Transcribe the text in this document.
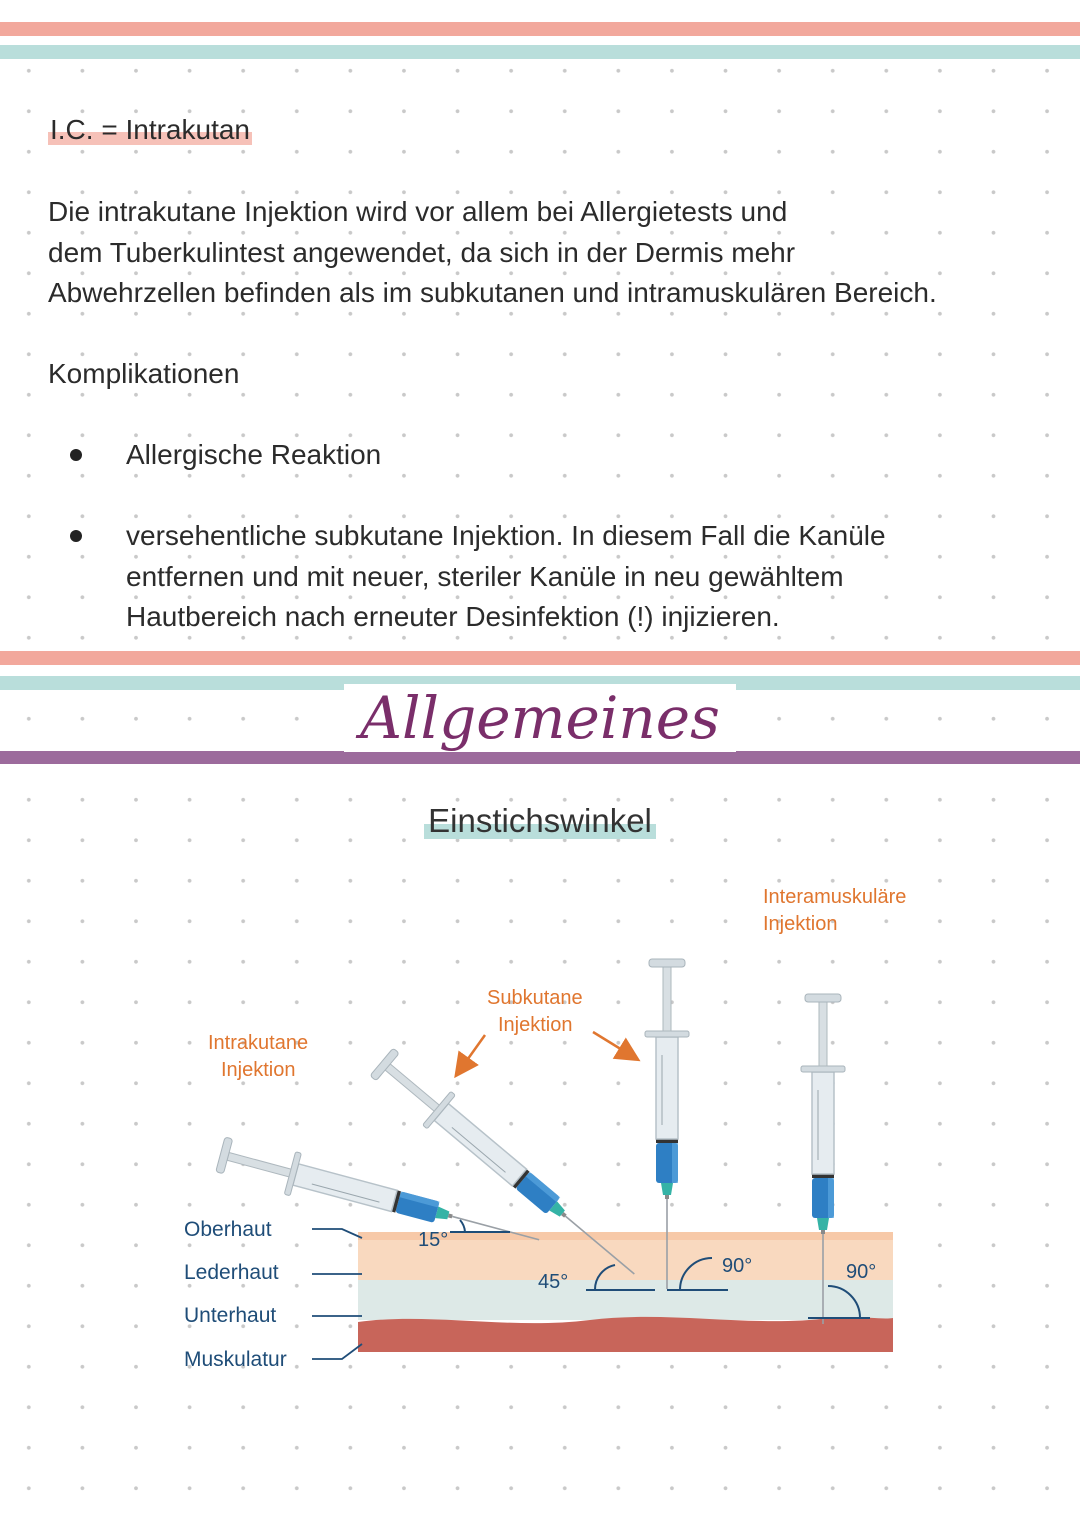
I.C. = Intrakutan
Die intrakutane Injektion wird vor allem bei Allergietests und
dem Tuberkulintest angewendet, da sich in der Dermis mehr
Abwehrzellen befinden als im subkutanen und intramuskulären Bereich.
Komplikationen
Allergische Reaktion
versehentliche subkutane Injektion. In diesem Fall die Kanüle
entfernen und mit neuer, steriler Kanüle in neu gewähltem
Hautbereich nach erneuter Desinfektion (!) injizieren.
Allgemeines
Einstichswinkel
15°
45°
90°	90°
Intrakutane
Injektion
Subkutane
Injektion
Interamuskuläre
Injektion
Oberhaut
Lederhaut
Unterhaut
Muskulatur
